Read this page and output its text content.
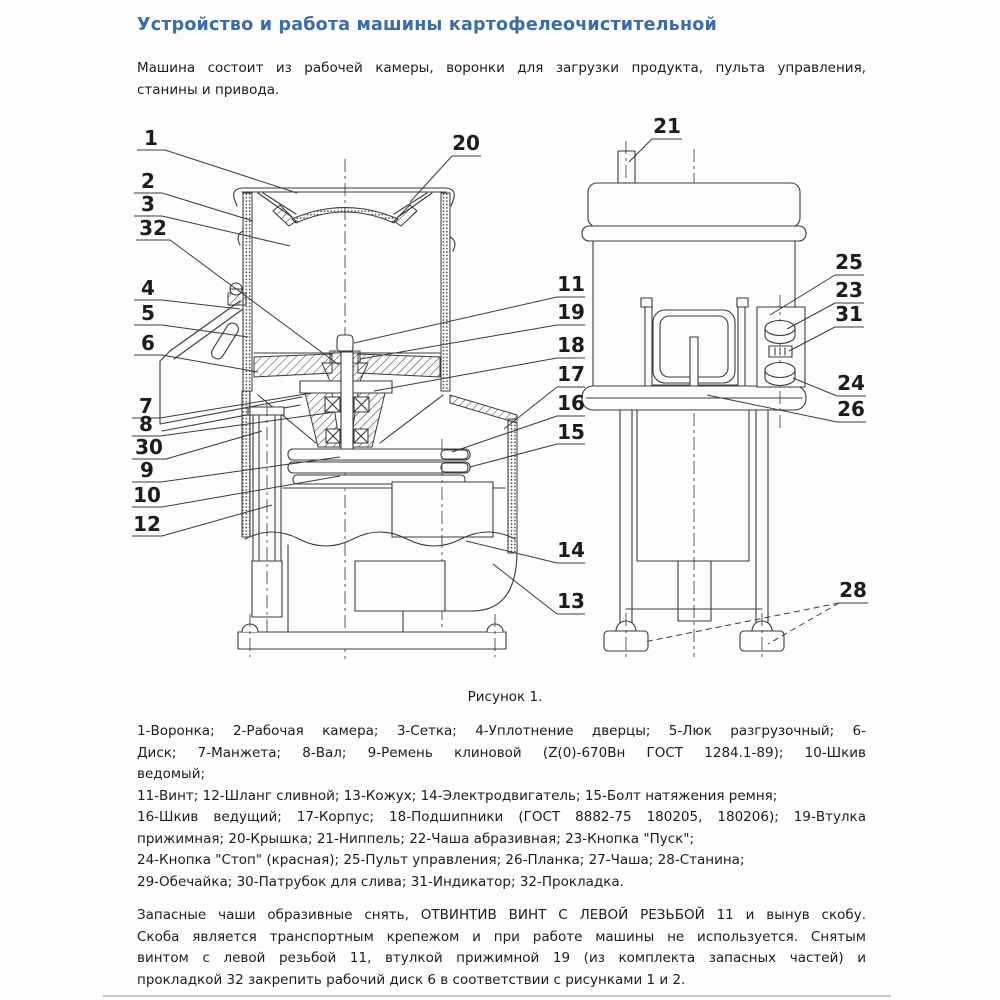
Устройство и работа машины картофелеочистительной
Машина состоит из рабочей камеры, воронки для загрузки продукта, пульта управления,
станины и привода.
1
2
3
32
4
5
6
7
8
30
9
10
12
20
11
19
18
17
16
15
14
13
21
25
23
31
24
26
28
Рисунок 1.
1-Воронка; 2-Рабочая камера; 3-Сетка; 4-Уплотнение дверцы; 5-Люк разгрузочный; 6-
Диск; 7-Манжета; 8-Вал; 9-Ремень клиновой (Z(0)-670Вн ГОСТ 1284.1-89); 10-Шкив
ведомый;
11-Винт; 12-Шланг сливной; 13-Кожух; 14-Электродвигатель; 15-Болт натяжения ремня;
16-Шкив ведущий; 17-Корпус; 18-Подшипники (ГОСТ 8882-75 180205, 180206); 19-Втулка
прижимная; 20-Крышка; 21-Ниппель; 22-Чаша абразивная; 23-Кнопка "Пуск";
24-Кнопка "Стоп" (красная); 25-Пульт управления; 26-Планка; 27-Чаша; 28-Станина;
29-Обечайка; 30-Патрубок для слива; 31-Индикатор; 32-Прокладка.
Запасные чаши образивные снять, ОТВИНТИВ ВИНТ С ЛЕВОЙ РЕЗЬБОЙ 11 и вынув скобу.
Скоба является транспортным крепежом и при работе машины не используется. Снятым
винтом с левой резьбой 11, втулкой прижимной 19 (из комплекта запасных частей) и
прокладкой 32 закрепить рабочий диск 6 в соответствии с рисунками 1 и 2.
